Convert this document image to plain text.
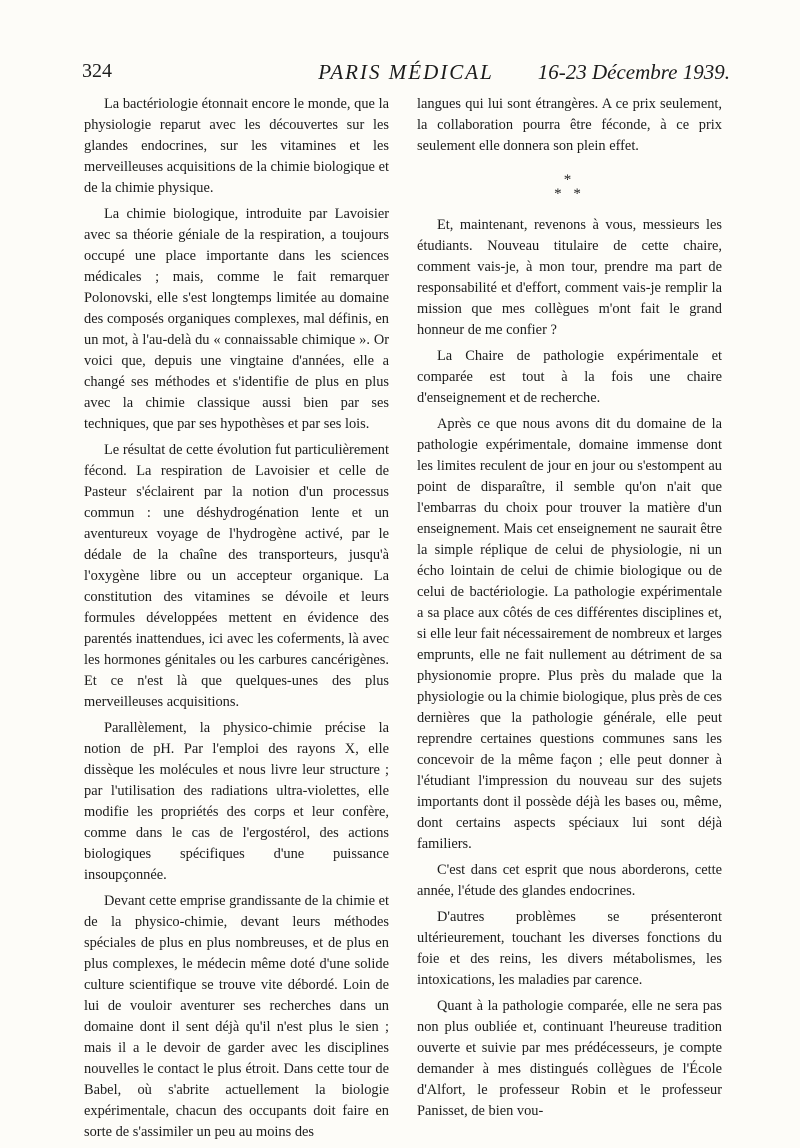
324	PARIS MÉDICAL	16-23 Décembre 1939.

La bactériologie étonnait encore le monde, que la physiologie reparut avec les découvertes sur les glandes endocrines, sur les vitamines et les merveilleuses acquisitions de la chimie biologique et de la chimie physique.

La chimie biologique, introduite par Lavoisier avec sa théorie géniale de la respiration, a toujours occupé une place importante dans les sciences médicales ; mais, comme le fait remarquer Polonovski, elle s'est longtemps limitée au domaine des composés organiques complexes, mal définis, en un mot, à l'au-delà du « connaissable chimique ». Or voici que, depuis une vingtaine d'années, elle a changé ses méthodes et s'identifie de plus en plus avec la chimie classique aussi bien par ses techniques, que par ses hypothèses et par ses lois.

Le résultat de cette évolution fut particulièrement fécond. La respiration de Lavoisier et celle de Pasteur s'éclairent par la notion d'un processus commun : une déshydrogénation lente et un aventureux voyage de l'hydrogène activé, par le dédale de la chaîne des transporteurs, jusqu'à l'oxygène libre ou un accepteur organique. La constitution des vitamines se dévoile et leurs formules développées mettent en évidence des parentés inattendues, ici avec les coferments, là avec les hormones génitales ou les carbures cancérigènes. Et ce n'est là que quelques-unes des plus merveilleuses acquisitions.

Parallèlement, la physico-chimie précise la notion de pH. Par l'emploi des rayons X, elle dissèque les molécules et nous livre leur structure ; par l'utilisation des radiations ultra-violettes, elle modifie les propriétés des corps et leur confère, comme dans le cas de l'ergostérol, des actions biologiques spécifiques d'une puissance insoupçonnée.

Devant cette emprise grandissante de la chimie et de la physico-chimie, devant leurs méthodes spéciales de plus en plus nombreuses, et de plus en plus complexes, le médecin même doté d'une solide culture scientifique se trouve vite débordé. Loin de lui de vouloir aventurer ses recherches dans un domaine dont il sent déjà qu'il n'est plus le sien ; mais il a le devoir de garder avec les disciplines nouvelles le contact le plus étroit. Dans cette tour de Babel, où s'abrite actuellement la biologie expérimentale, chacun des occupants doit faire en sorte de s'assimiler un peu au moins des

langues qui lui sont étrangères. A ce prix seulement, la collaboration pourra être féconde, à ce prix seulement elle donnera son plein effet.

*
* *

Et, maintenant, revenons à vous, messieurs les étudiants. Nouveau titulaire de cette chaire, comment vais-je, à mon tour, prendre ma part de responsabilité et d'effort, comment vais-je remplir la mission que mes collègues m'ont fait le grand honneur de me confier ?

La Chaire de pathologie expérimentale et comparée est tout à la fois une chaire d'enseignement et de recherche.

Après ce que nous avons dit du domaine de la pathologie expérimentale, domaine immense dont les limites reculent de jour en jour ou s'estompent au point de disparaître, il semble qu'on n'ait que l'embarras du choix pour trouver la matière d'un enseignement. Mais cet enseignement ne saurait être la simple réplique de celui de physiologie, ni un écho lointain de celui de chimie biologique ou de celui de bactériologie. La pathologie expérimentale a sa place aux côtés de ces différentes disciplines et, si elle leur fait nécessairement de nombreux et larges emprunts, elle ne fait nullement au détriment de sa physionomie propre. Plus près du malade que la physiologie ou la chimie biologique, plus près de ces dernières que la pathologie générale, elle peut reprendre certaines questions communes sans les concevoir de la même façon ; elle peut donner à l'étudiant l'impression du nouveau sur des sujets importants dont il possède déjà les bases ou, même, dont certains aspects spéciaux lui sont déjà familiers.

C'est dans cet esprit que nous aborderons, cette année, l'étude des glandes endocrines.

D'autres problèmes se présenteront ultérieurement, touchant les diverses fonctions du foie et des reins, les divers métabolismes, les intoxications, les maladies par carence.

Quant à la pathologie comparée, elle ne sera pas non plus oubliée et, continuant l'heureuse tradition ouverte et suivie par mes prédécesseurs, je compte demander à mes distingués collègues de l'École d'Alfort, le professeur Robin et le professeur Panisset, de bien vou-
